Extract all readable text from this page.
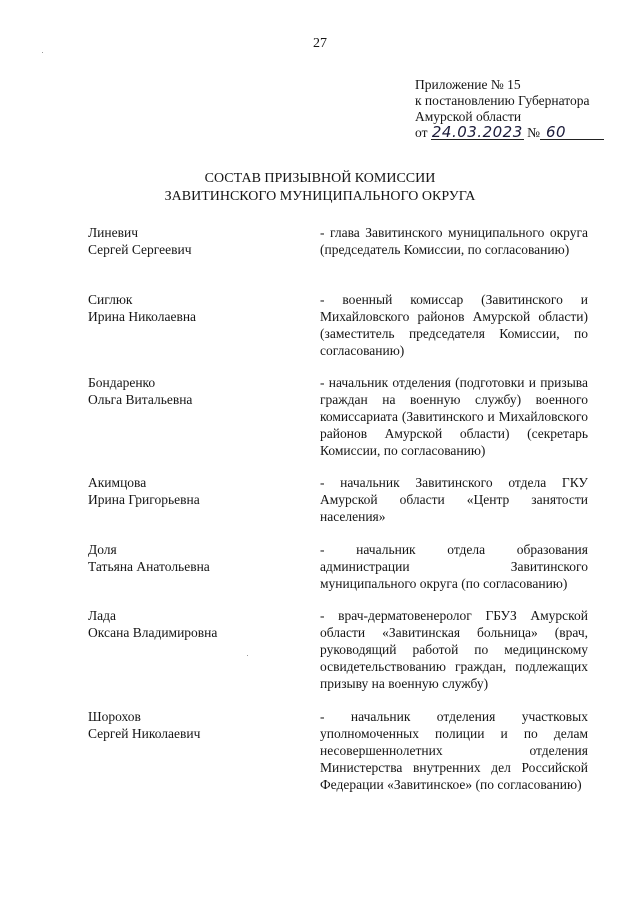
27
Приложение № 15
к постановлению Губернатора
Амурской области
от 24.03.2023 № 60
СОСТАВ ПРИЗЫВНОЙ КОМИССИИ
ЗАВИТИНСКОГО МУНИЦИПАЛЬНОГО ОКРУГА
Линевич
Сергей Сергеевич
- глава Завитинского муниципального округа (председатель Комиссии, по согласованию)
Сиглюк
Ирина Николаевна
- военный комиссар (Завитинского и Михайловского районов Амурской области) (заместитель председателя Комиссии, по согласованию)
Бондаренко
Ольга Витальевна
- начальник отделения (подготовки и призыва граждан на военную службу) военного комиссариата (Завитинского и Михайловского районов Амурской области) (секретарь Комиссии, по согласованию)
Акимцова
Ирина Григорьевна
- начальник Завитинского отдела ГКУ Амурской области «Центр занятости населения»
Доля
Татьяна Анатольевна
- начальник отдела образования администрации Завитинского муниципального округа (по согласованию)
Лада
Оксана Владимировна
- врач-дерматовенеролог ГБУЗ Амурской области «Завитинская больница» (врач, руководящий работой по медицинскому освидетельствованию граждан, подлежащих призыву на военную службу)
Шорохов
Сергей Николаевич
- начальник отделения участковых уполномоченных полиции и по делам несовершеннолетних отделения Министерства внутренних дел Российской Федерации «Завитинское» (по согласованию)
